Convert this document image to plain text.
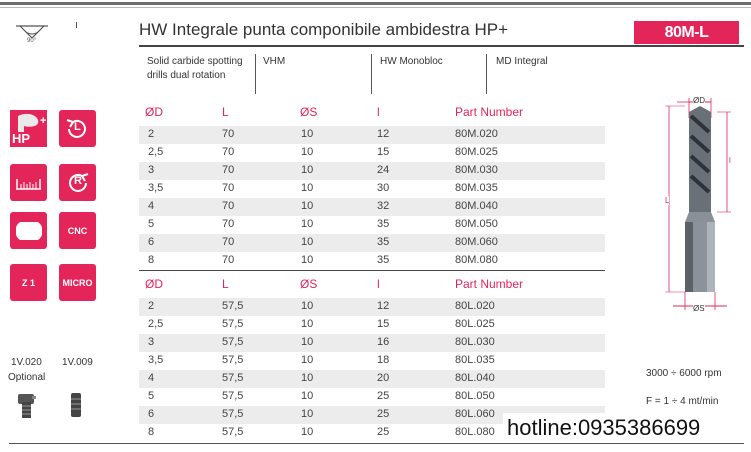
90°
HW Integrale punta componibile ambidestra HP+	80M-L
Solid carbide spotting
drills dual rotation
VHM	HW Monobloc	MD Integral
ØD	L	ØS	l	Part Number
2	70	10	12	80M.020
2,5	70	10	15	80M.025
3	70	10	24	80M.030
3,5	70	10	30	80M.035
4	70	10	32	80M.040
5	70	10	35	80M.050
6	70	10	35	80M.060
8	70	10	35	80M.080
ØD	L	ØS	l	Part Number
2	57,5	10	12	80L.020
2,5	57,5	10	15	80L.025
3	57,5	10	16	80L.030
3,5	57,5	10	18	80L.035
4	57,5	10	20	80L.040
5	57,5	10	25	80L.050
6	57,5	10	25	80L.060
8	57,5	10	25	80L.080
+
HP
L
R
CNC
Z 1	MICRO
1V.020
Optional
1V.009
ØD
l
L
ØS
3000 ÷ 6000 rpm
F = 1 ÷ 4 mt/min
hotline:0935386699
